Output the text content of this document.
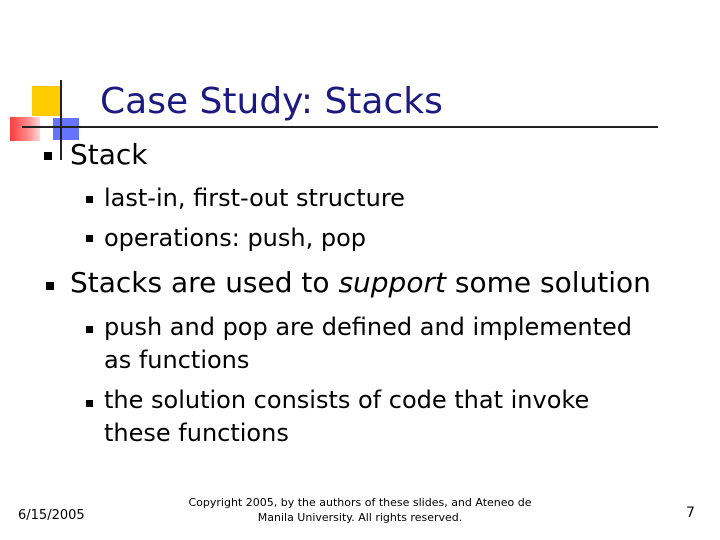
Case Study: Stacks
Stack
last-in, first-out structure
operations: push, pop
Stacks are used to support some solution
push and pop are defined and implemented as functions
the solution consists of code that invoke these functions
6/15/2005
Copyright 2005, by the authors of these slides, and Ateneo de Manila University. All rights reserved.	7
